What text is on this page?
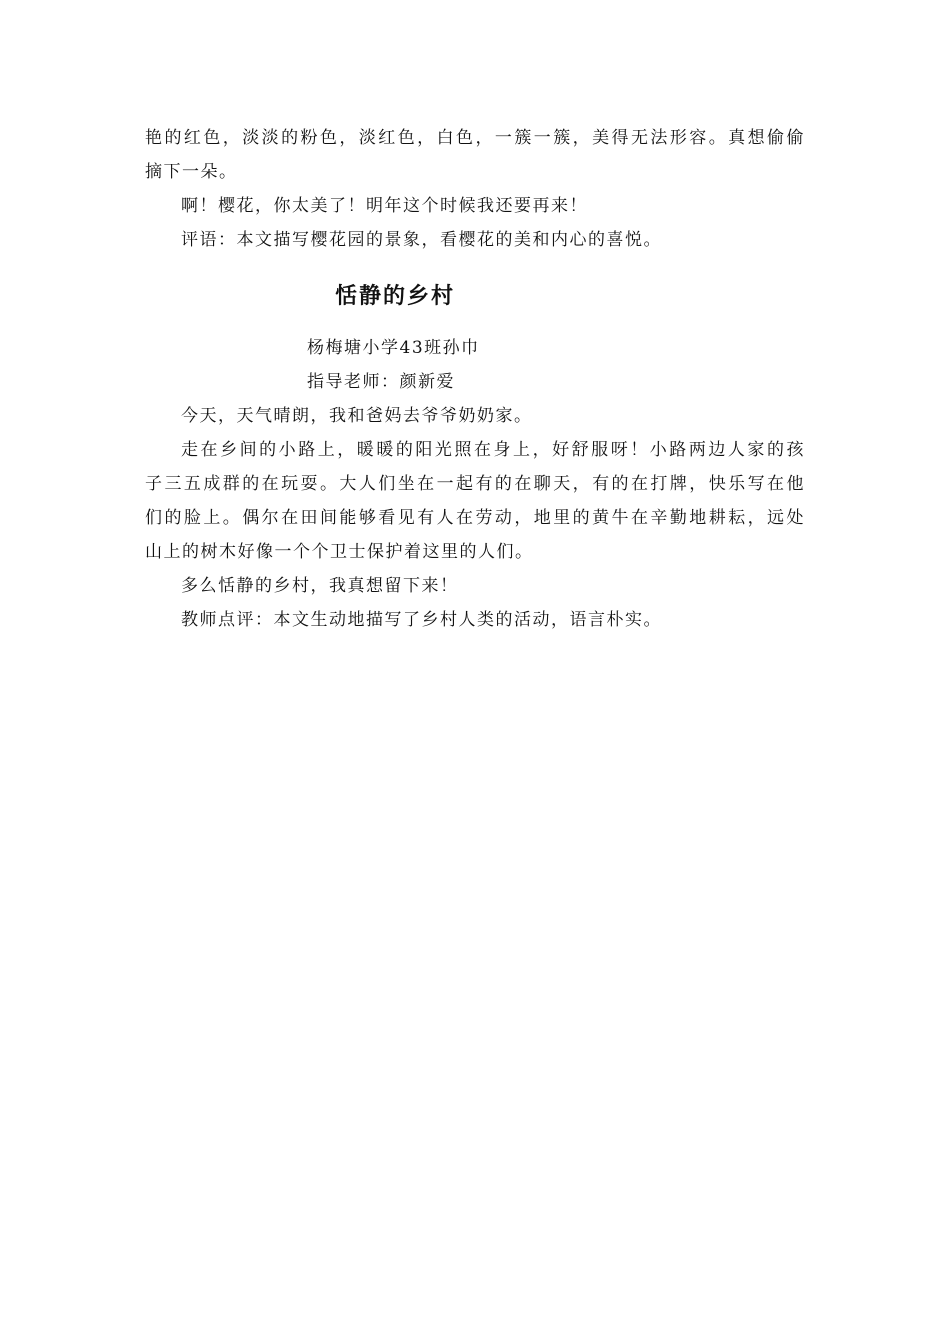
艳的红色，淡淡的粉色，淡红色，白色，一簇一簇，美得无法形容。真想偷偷
摘下一朵。
啊！樱花，你太美了！明年这个时候我还要再来！
评语：本文描写樱花园的景象，看樱花的美和内心的喜悦。
恬静的乡村
杨梅塘小学43班孙巾
指导老师：颜新爱
今天，天气晴朗，我和爸妈去爷爷奶奶家。
走在乡间的小路上，暖暖的阳光照在身上，好舒服呀！小路两边人家的孩
子三五成群的在玩耍。大人们坐在一起有的在聊天，有的在打牌，快乐写在他
们的脸上。偶尔在田间能够看见有人在劳动，地里的黄牛在辛勤地耕耘，远处
山上的树木好像一个个卫士保护着这里的人们。
多么恬静的乡村，我真想留下来！
教师点评：本文生动地描写了乡村人类的活动，语言朴实。
